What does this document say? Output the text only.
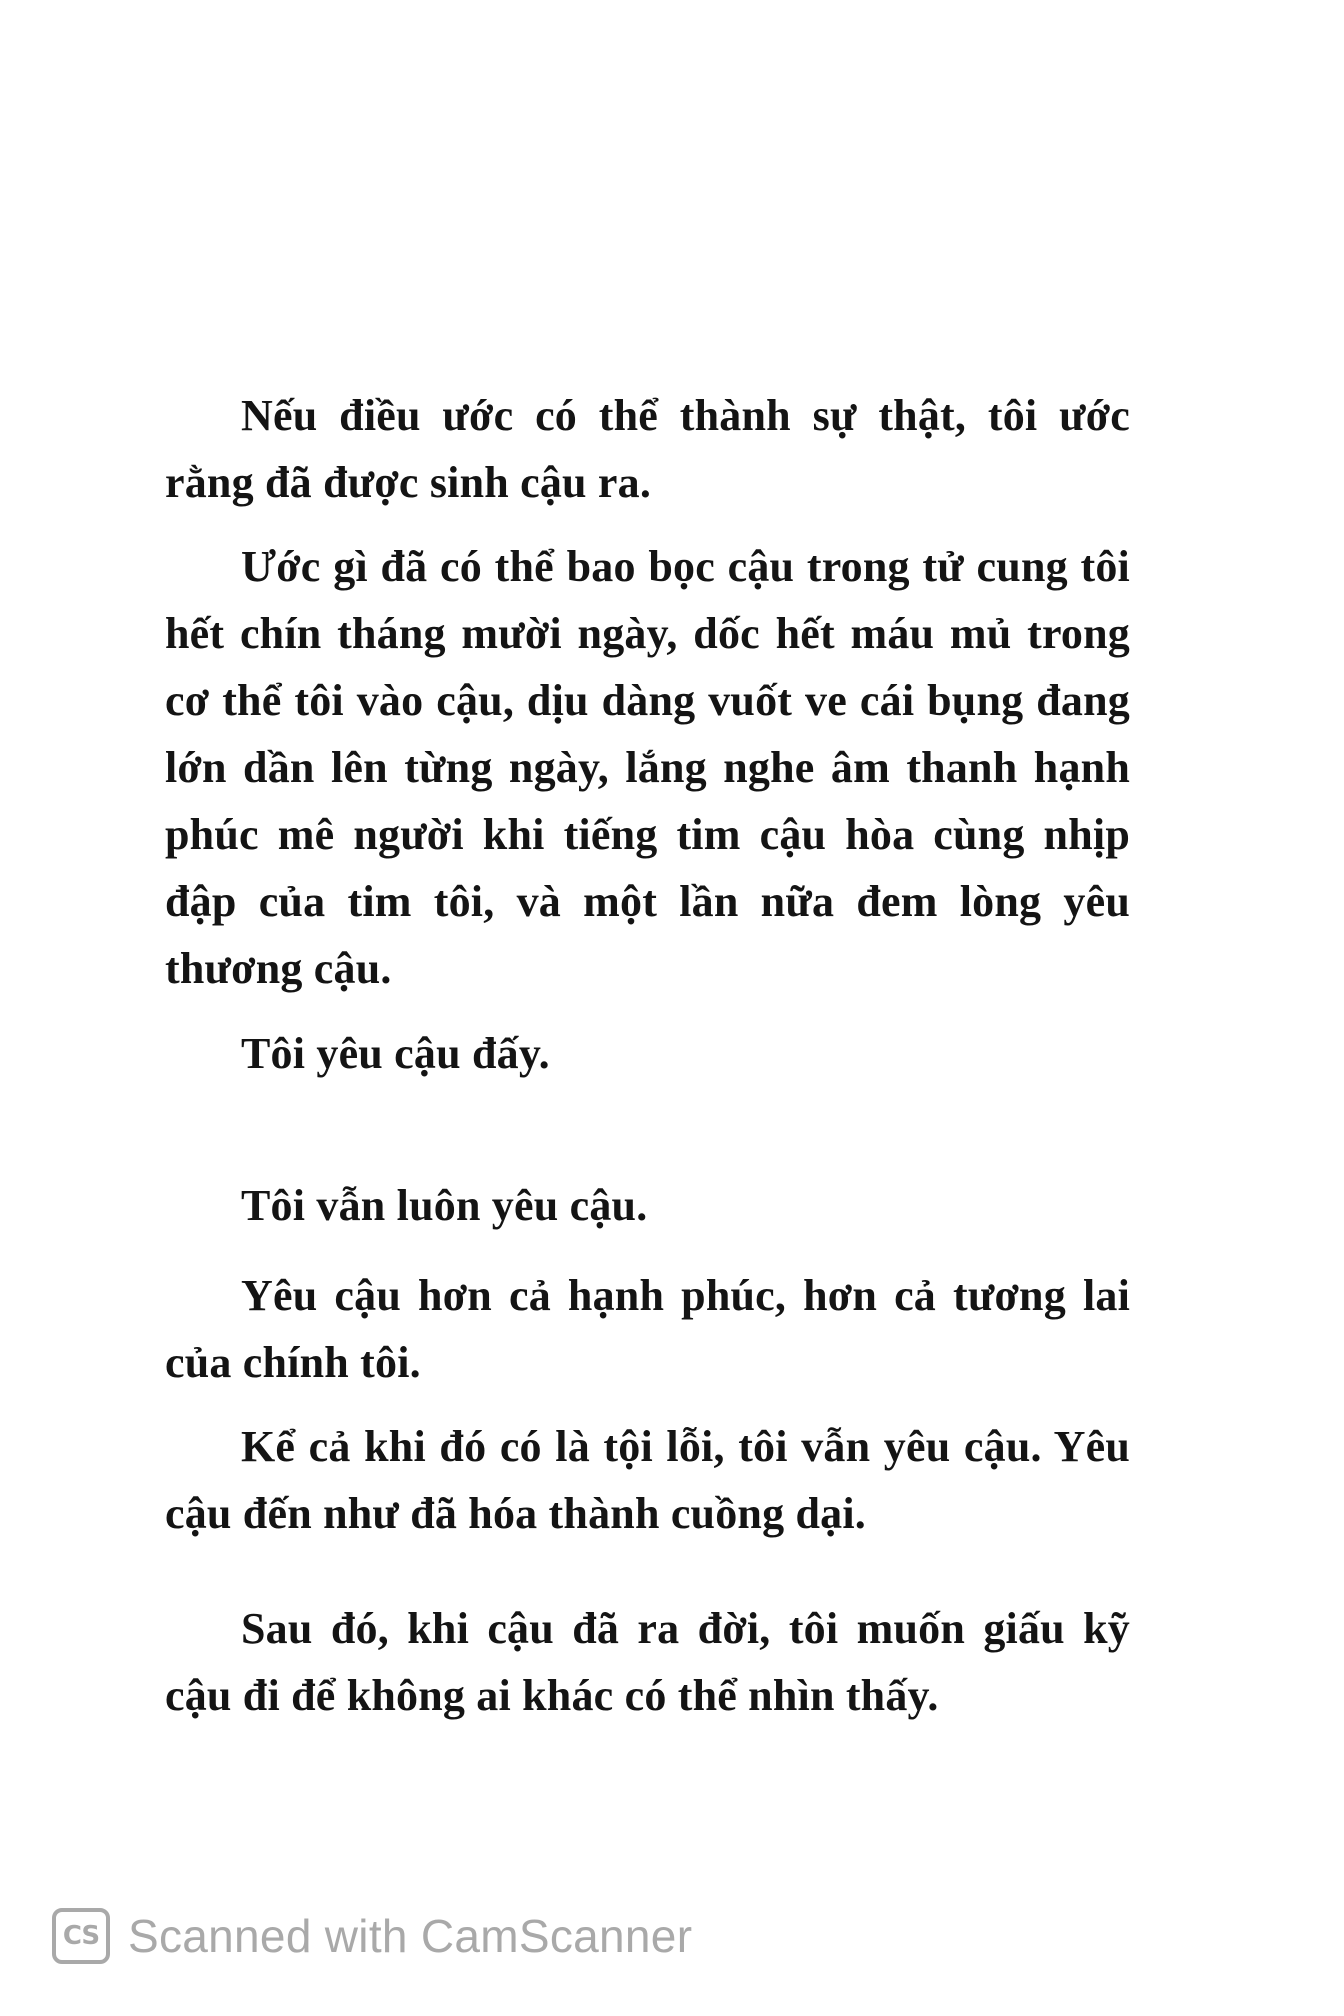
Nếu điều ước có thể thành sự thật, tôi ước rằng đã được sinh cậu ra.

Ước gì đã có thể bao bọc cậu trong tử cung tôi hết chín tháng mười ngày, dốc hết máu mủ trong cơ thể tôi vào cậu, dịu dàng vuốt ve cái bụng đang lớn dần lên từng ngày, lắng nghe âm thanh hạnh phúc mê người khi tiếng tim cậu hòa cùng nhịp đập của tim tôi, và một lần nữa đem lòng yêu thương cậu.

Tôi yêu cậu đấy.

Tôi vẫn luôn yêu cậu.

Yêu cậu hơn cả hạnh phúc, hơn cả tương lai của chính tôi.

Kể cả khi đó có là tội lỗi, tôi vẫn yêu cậu. Yêu cậu đến như đã hóa thành cuồng dại.

Sau đó, khi cậu đã ra đời, tôi muốn giấu kỹ cậu đi để không ai khác có thể nhìn thấy.

CS Scanned with CamScanner
